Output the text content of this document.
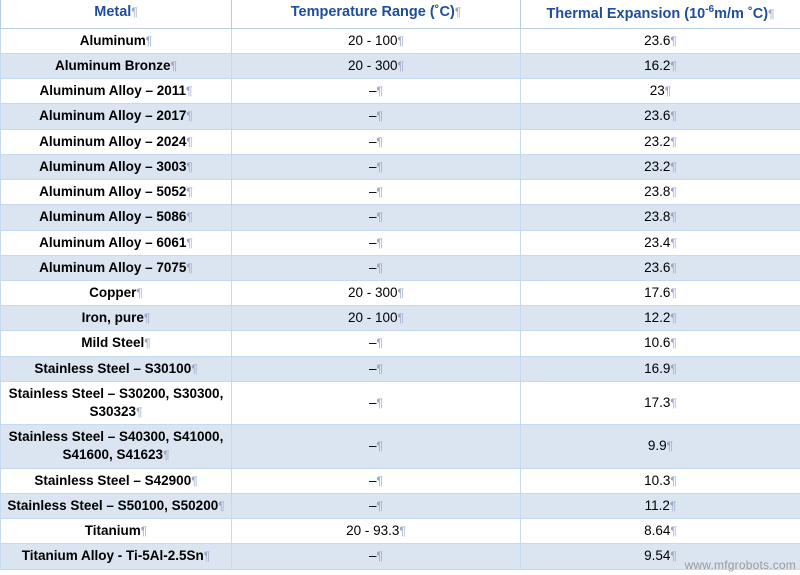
Metal¶	Temperature Range (˚C)¶	Thermal Expansion ($10^{-6}m/m$ ˚C)¶
Aluminum¶	20 - 100¶	23.6¶
Aluminum Bronze¶	20 - 300¶	16.2¶
Aluminum Alloy – 2011¶	–¶	23¶
Aluminum Alloy – 2017¶	–¶	23.6¶
Aluminum Alloy – 2024¶	–¶	23.2¶
Aluminum Alloy – 3003¶	–¶	23.2¶
Aluminum Alloy – 5052¶	–¶	23.8¶
Aluminum Alloy – 5086¶	–¶	23.8¶
Aluminum Alloy – 6061¶	–¶	23.4¶
Aluminum Alloy – 7075¶	–¶	23.6¶
Copper¶	20 - 300¶	17.6¶
Iron, pure¶	20 - 100¶	12.2¶
Mild Steel¶	–¶	10.6¶
Stainless Steel – S30100¶	–¶	16.9¶
Stainless Steel – S30200, S30300, S30323¶	–¶	17.3¶
Stainless Steel – S40300, S41000, S41600, S41623¶	–¶	9.9¶
Stainless Steel – S42900¶	–¶	10.3¶
Stainless Steel – S50100, S50200¶	–¶	11.2¶
Titanium¶	20 - 93.3¶	8.64¶
Titanium Alloy - Ti-5Al-2.5Sn¶	–¶	9.54¶
www.mfgrobots.com
